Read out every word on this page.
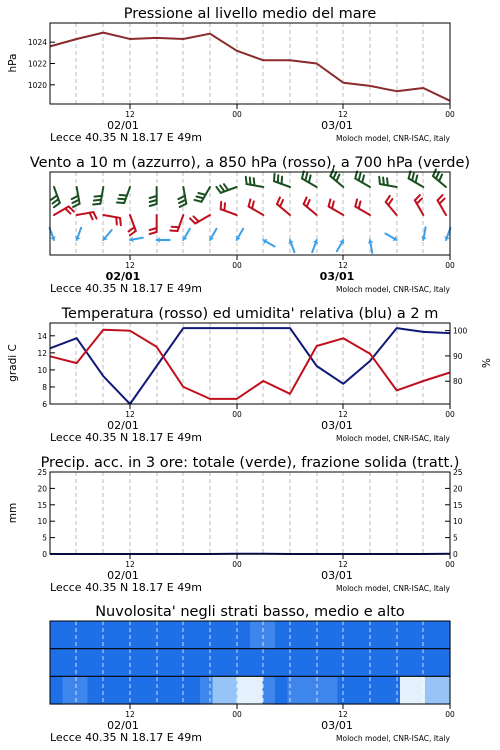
Pressione al livello medio del mare
12	00	12	00
02/01	03/01
Lecce 40.35 N 18.17 E 49m	Moloch model, CNR-ISAC, Italy
1024
1022
1020
hPa
Vento a 10 m (azzurro), a 850 hPa (rosso), a 700 hPa (verde)
12	00	12	00
02/01	03/01
Lecce 40.35 N 18.17 E 49m	Moloch model, CNR-ISAC, Italy
Temperatura (rosso) ed umidita' relativa (blu) a 2 m
12	00	12	00
02/01	03/01
Lecce 40.35 N 18.17 E 49m	Moloch model, CNR-ISAC, Italy
14
12
10
8
6
100
90
80
gradi C	%
Precip. acc. in 3 ore: totale (verde), frazione solida (tratt.)
12	00	12	00
02/01	03/01
Lecce 40.35 N 18.17 E 49m	Moloch model, CNR-ISAC, Italy
25	25
20	20
15	15
10	10
5	5
0	0
mm
Nuvolosita' negli strati basso, medio e alto
12	00	12	00
02/01	03/01
Lecce 40.35 N 18.17 E 49m	Moloch model, CNR-ISAC, Italy
